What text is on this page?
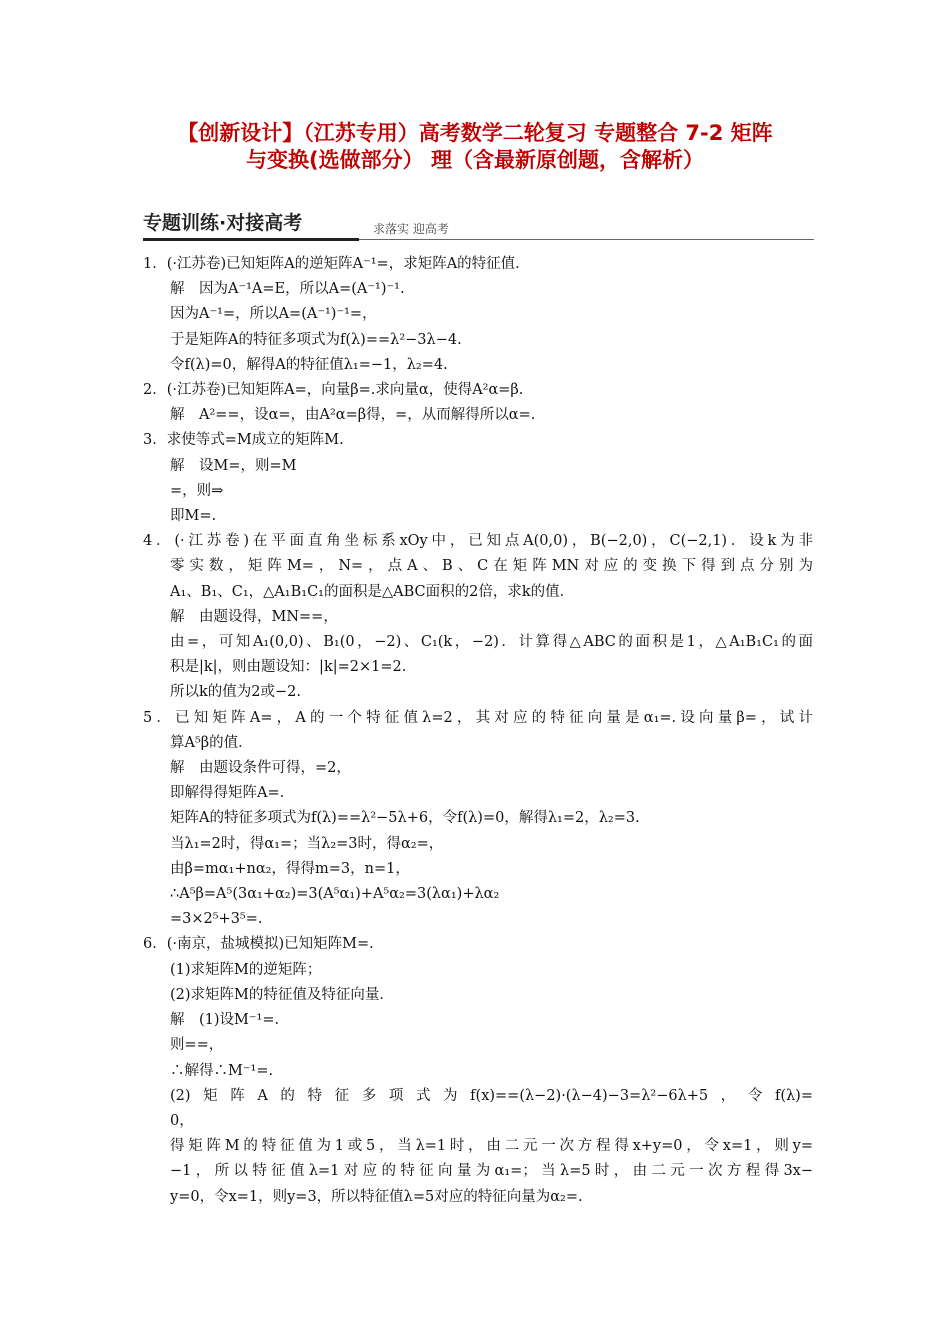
【创新设计】（江苏专用）高考数学二轮复习 专题整合 7-2 矩阵
与变换(选做部分） 理（含最新原创题，含解析）
专题训练·对接高考	求落实 迎高考
1．(·江苏卷)已知矩阵A的逆矩阵A⁻¹=，求矩阵A的特征值．
解　因为A⁻¹A=E，所以A=(A⁻¹)⁻¹.
因为A⁻¹=，所以A=(A⁻¹)⁻¹=，
于是矩阵A的特征多项式为f(λ)==λ²−3λ−4.
令f(λ)=0，解得A的特征值λ₁=−1，λ₂=4.
2．(·江苏卷)已知矩阵A=，向量β=.求向量α，使得A²α=β.
解　A²==，设α=，由A²α=β得，=，从而解得所以α=.
3．求使等式=M成立的矩阵M.
解　设M=，则=M
=，则⇒
即M=.
4．(·江苏卷)在平面直角坐标系xOy中，已知点A(0,0)，B(−2,0)，C(−2,1)．设k为非
零实数，矩阵M=，N=，点A、B、C在矩阵MN对应的变换下得到点分别为
A₁、B₁、C₁，△A₁B₁C₁的面积是△ABC面积的2倍，求k的值．
解　由题设得，MN==，
由=，可知A₁(0,0)、B₁(0，−2)、C₁(k，−2)．计算得△ABC的面积是1，△A₁B₁C₁的面
积是|k|，则由题设知：|k|=2×1=2.
所以k的值为2或−2.
5．已知矩阵A=，A的一个特征值λ=2，其对应的特征向量是α₁=.设向量β=，试计
算A⁵β的值．
解　由题设条件可得，=2，
即解得得矩阵A=.
矩阵A的特征多项式为f(λ)==λ²−5λ+6，令f(λ)=0，解得λ₁=2，λ₂=3.
当λ₁=2时，得α₁=；当λ₂=3时，得α₂=，
由β=mα₁+nα₂，得得m=3，n=1，
∴A⁵β=A⁵(3α₁+α₂)=3(A⁵α₁)+A⁵α₂=3(λα₁)+λα₂
=3×2⁵+3⁵=.
6．(·南京，盐城模拟)已知矩阵M=.
(1)求矩阵M的逆矩阵；
(2)求矩阵M的特征值及特征向量．
解　(1)设M⁻¹=.
则==，
∴解得∴M⁻¹=.
(2)矩阵A的特征多项式为f(x)==(λ−2)·(λ−4)−3=λ²−6λ+5，令f(λ)=
0，
得矩阵M的特征值为1或5，当λ=1时，由二元一次方程得x+y=0，令x=1，则y=
−1，所以特征值λ=1对应的特征向量为α₁=；当λ=5时，由二元一次方程得3x−
y=0，令x=1，则y=3，所以特征值λ=5对应的特征向量为α₂=.
